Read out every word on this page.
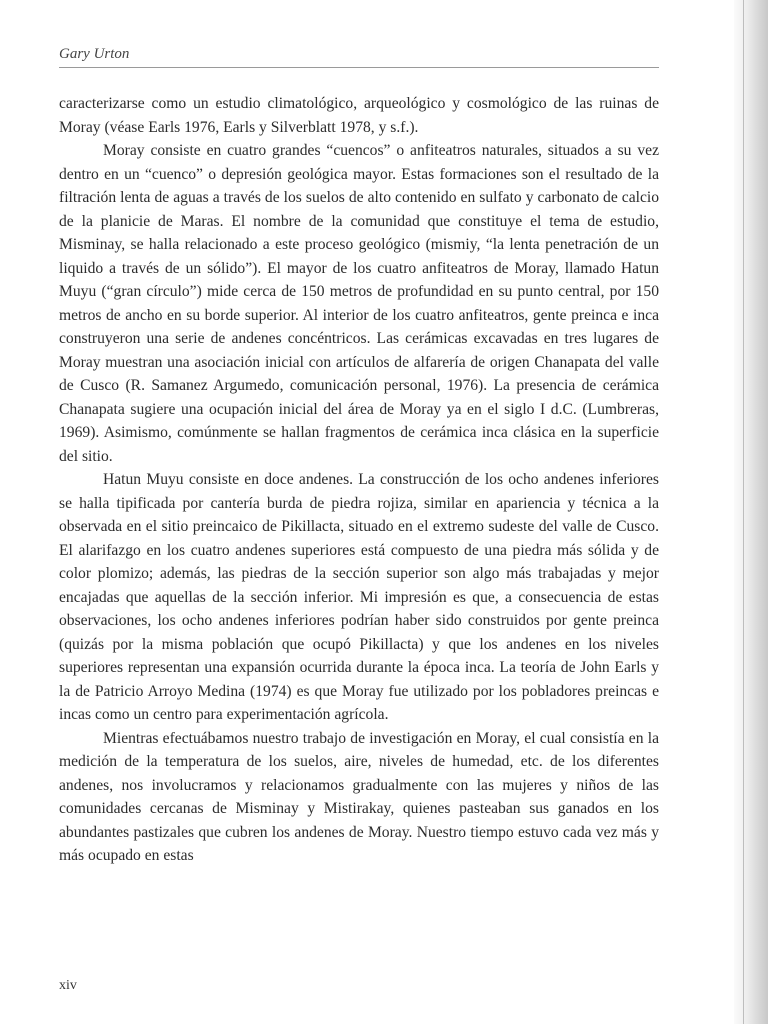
Gary Urton

caracterizarse como un estudio climatológico, arqueológico y cosmológico de las ruinas de Moray (véase Earls 1976, Earls y Silverblatt 1978, y s.f.).

Moray consiste en cuatro grandes “cuencos” o anfiteatros naturales, situados a su vez dentro en un “cuenco” o depresión geológica mayor. Estas formaciones son el resultado de la filtración lenta de aguas a través de los suelos de alto contenido en sulfato y carbonato de calcio de la planicie de Maras. El nombre de la comunidad que constituye el tema de estudio, Misminay, se halla relacionado a este proceso geológico (mismiy, “la lenta penetración de un liquido a través de un sólido”). El mayor de los cuatro anfiteatros de Moray, llamado Hatun Muyu (“gran círculo”) mide cerca de 150 metros de profundidad en su punto central, por 150 metros de ancho en su borde superior. Al interior de los cuatro anfiteatros, gente preinca e inca construyeron una serie de andenes concéntricos. Las cerámicas excavadas en tres lugares de Moray muestran una asociación inicial con artículos de alfarería de origen Chanapata del valle de Cusco (R. Samanez Argumedo, comunicación personal, 1976). La presencia de cerámica Chanapata sugiere una ocupación inicial del área de Moray ya en el siglo I d.C. (Lumbreras, 1969). Asimismo, comúnmente se hallan fragmentos de cerámica inca clásica en la superficie del sitio.

Hatun Muyu consiste en doce andenes. La construcción de los ocho andenes inferiores se halla tipificada por cantería burda de piedra rojiza, similar en apariencia y técnica a la observada en el sitio preincaico de Pikillacta, situado en el extremo sudeste del valle de Cusco. El alarifazgo en los cuatro andenes superiores está compuesto de una piedra más sólida y de color plomizo; además, las piedras de la sección superior son algo más trabajadas y mejor encajadas que aquellas de la sección inferior. Mi impresión es que, a consecuencia de estas observaciones, los ocho andenes inferiores podrían haber sido construidos por gente preinca (quizás por la misma población que ocupó Pikillacta) y que los andenes en los niveles superiores representan una expansión ocurrida durante la época inca. La teoría de John Earls y la de Patricio Arroyo Medina (1974) es que Moray fue utilizado por los pobladores preincas e incas como un centro para experimentación agrícola.

Mientras efectuábamos nuestro trabajo de investigación en Moray, el cual consistía en la medición de la temperatura de los suelos, aire, niveles de humedad, etc. de los diferentes andenes, nos involucramos y relacionamos gradualmente con las mujeres y niños de las comunidades cercanas de Misminay y Mistirakay, quienes pasteaban sus ganados en los abundantes pastizales que cubren los andenes de Moray. Nuestro tiempo estuvo cada vez más y más ocupado en estas

xiv
